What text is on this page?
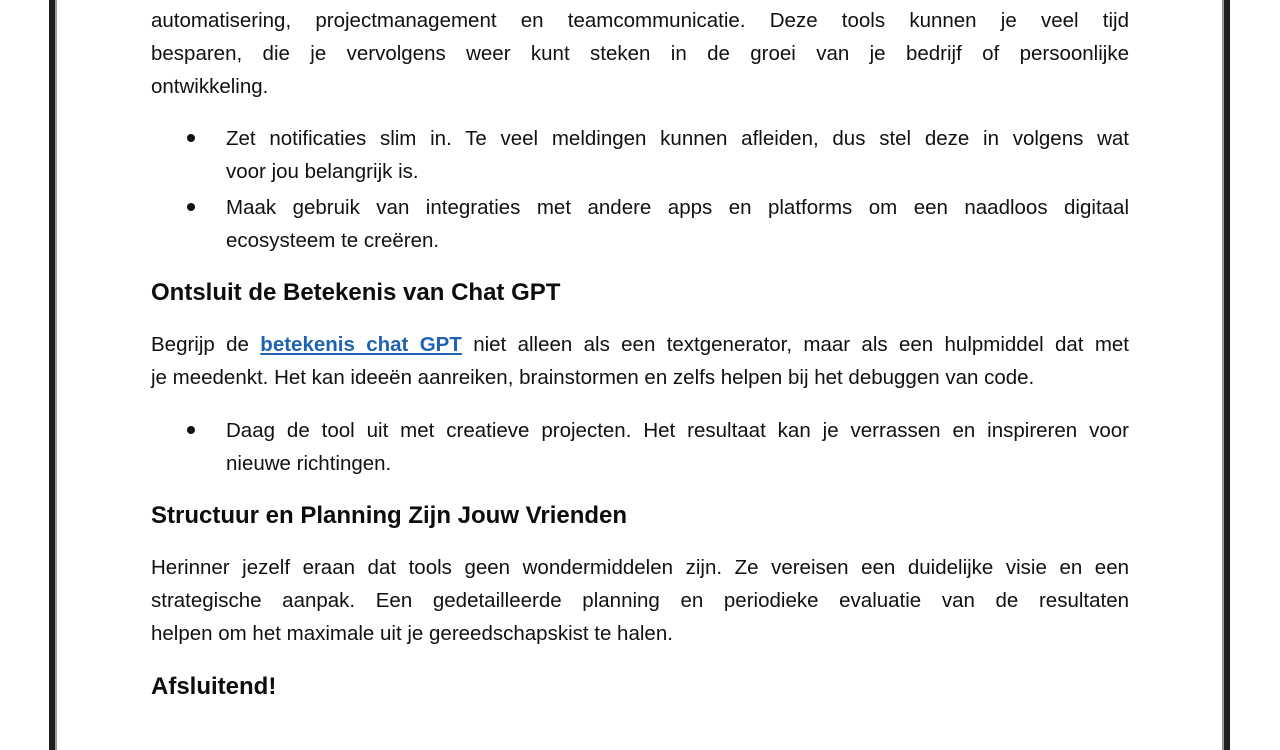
automatisering, projectmanagement en teamcommunicatie. Deze tools kunnen je veel tijd
besparen, die je vervolgens weer kunt steken in de groei van je bedrijf of persoonlijke
ontwikkeling.

Zet notificaties slim in. Te veel meldingen kunnen afleiden, dus stel deze in volgens wat
voor jou belangrijk is.

Maak gebruik van integraties met andere apps en platforms om een naadloos digitaal
ecosysteem te creëren.

Ontsluit de Betekenis van Chat GPT

Begrijp de betekenis chat GPT niet alleen als een textgenerator, maar als een hulpmiddel dat met
je meedenkt. Het kan ideeën aanreiken, brainstormen en zelfs helpen bij het debuggen van code.

Daag de tool uit met creatieve projecten. Het resultaat kan je verrassen en inspireren voor
nieuwe richtingen.

Structuur en Planning Zijn Jouw Vrienden

Herinner jezelf eraan dat tools geen wondermiddelen zijn. Ze vereisen een duidelijke visie en een
strategische aanpak. Een gedetailleerde planning en periodieke evaluatie van de resultaten
helpen om het maximale uit je gereedschapskist te halen.

Afsluitend!
